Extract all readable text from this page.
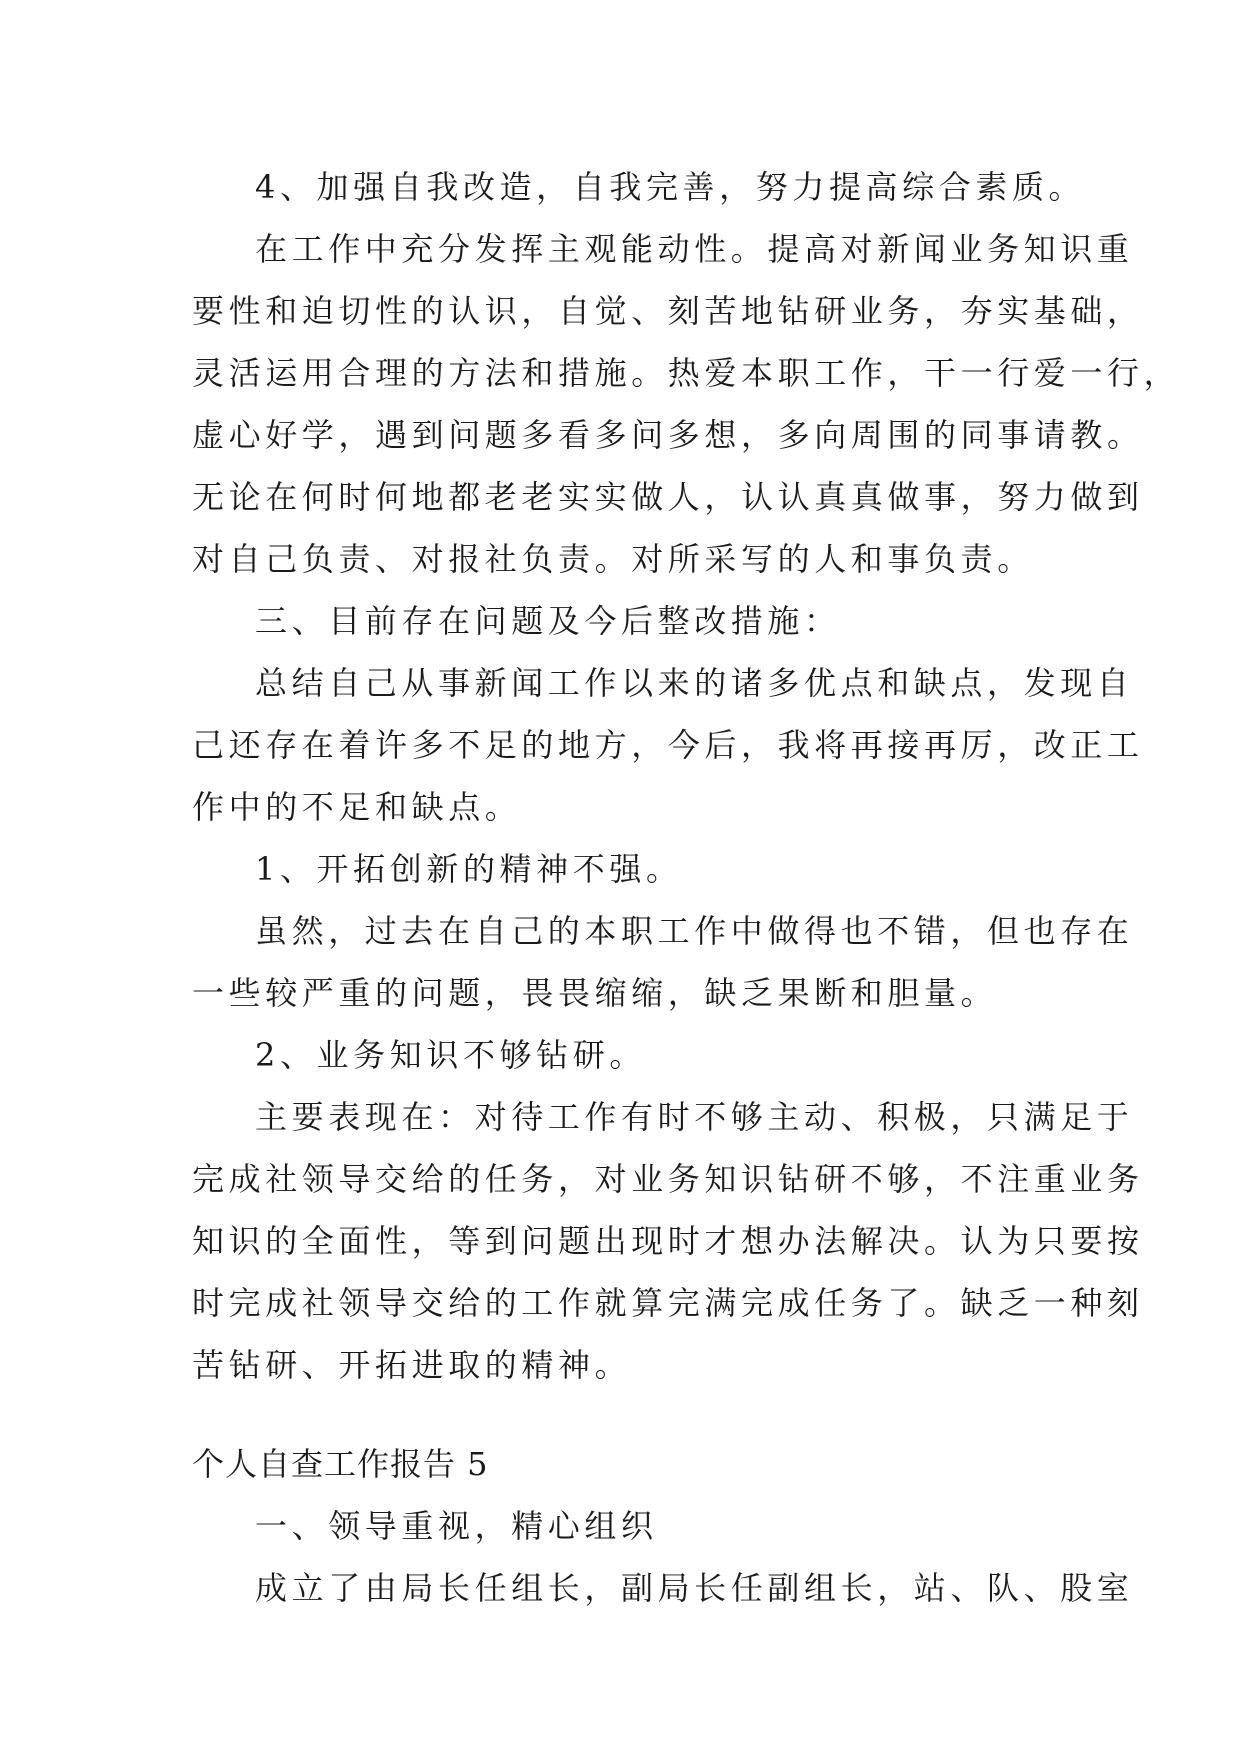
4、加强自我改造，自我完善，努力提高综合素质。
在工作中充分发挥主观能动性。提高对新闻业务知识重
要性和迫切性的认识，自觉、刻苦地钻研业务，夯实基础，
灵活运用合理的方法和措施。热爱本职工作，干一行爱一行，
虚心好学，遇到问题多看多问多想，多向周围的同事请教。
无论在何时何地都老老实实做人，认认真真做事，努力做到
对自己负责、对报社负责。对所采写的人和事负责。
三、目前存在问题及今后整改措施：
总结自己从事新闻工作以来的诸多优点和缺点，发现自
己还存在着许多不足的地方，今后，我将再接再厉，改正工
作中的不足和缺点。
1、开拓创新的精神不强。
虽然，过去在自己的本职工作中做得也不错，但也存在
一些较严重的问题，畏畏缩缩，缺乏果断和胆量。
2、业务知识不够钻研。
主要表现在：对待工作有时不够主动、积极，只满足于
完成社领导交给的任务，对业务知识钻研不够，不注重业务
知识的全面性，等到问题出现时才想办法解决。认为只要按
时完成社领导交给的工作就算完满完成任务了。缺乏一种刻
苦钻研、开拓进取的精神。
个人自查工作报告 5
一、领导重视，精心组织
成立了由局长任组长，副局长任副组长，站、队、股室
